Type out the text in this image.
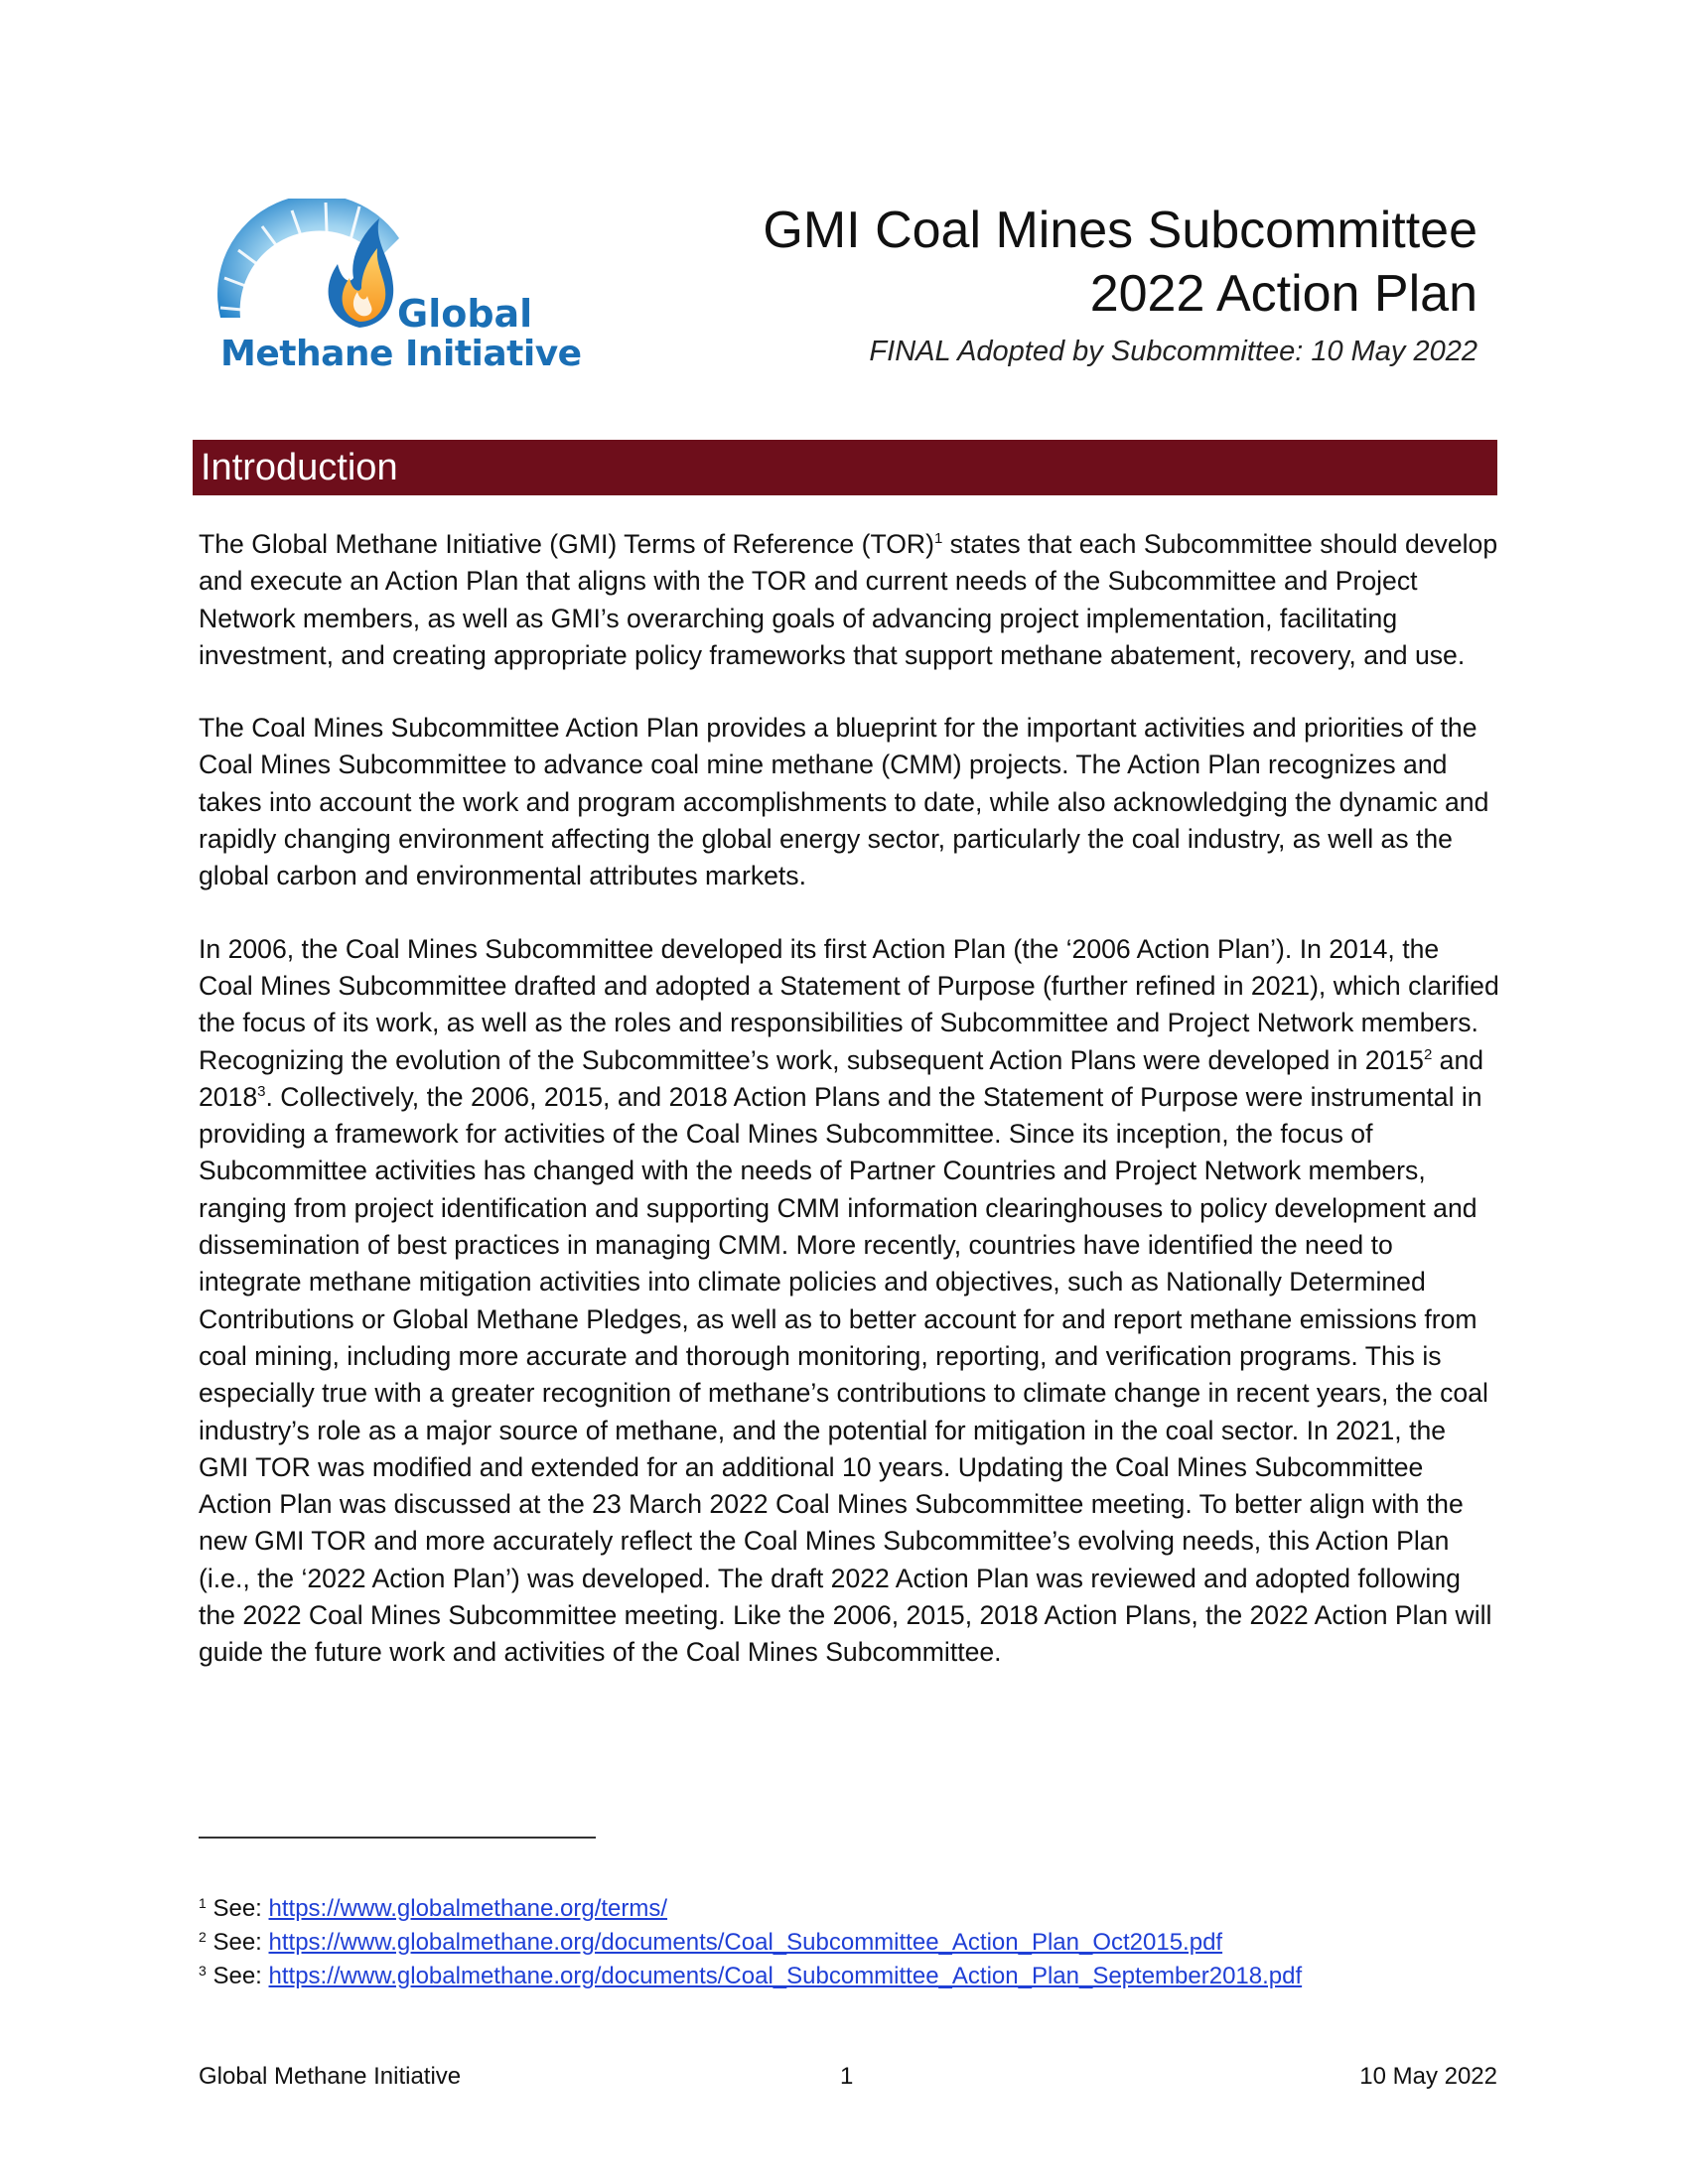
Global
Methane Initiative
GMI Coal Mines Subcommittee
2022 Action Plan
FINAL Adopted by Subcommittee: 10 May 2022
Introduction

The Global Methane Initiative (GMI) Terms of Reference (TOR)$^1$ states that each Subcommittee should develop and execute an Action Plan that aligns with the TOR and current needs of the Subcommittee and Project Network members, as well as GMI’s overarching goals of advancing project implementation, facilitating investment, and creating appropriate policy frameworks that support methane abatement, recovery, and use.

The Coal Mines Subcommittee Action Plan provides a blueprint for the important activities and priorities of the Coal Mines Subcommittee to advance coal mine methane (CMM) projects. The Action Plan recognizes and takes into account the work and program accomplishments to date, while also acknowledging the dynamic and rapidly changing environment affecting the global energy sector, particularly the coal industry, as well as the global carbon and environmental attributes markets.

In 2006, the Coal Mines Subcommittee developed its first Action Plan (the ‘2006 Action Plan’). In 2014, the Coal Mines Subcommittee drafted and adopted a Statement of Purpose (further refined in 2021), which clarified the focus of its work, as well as the roles and responsibilities of Subcommittee and Project Network members. Recognizing the evolution of the Subcommittee’s work, subsequent Action Plans were developed in 2015$^2$ and 2018$^3$. Collectively, the 2006, 2015, and 2018 Action Plans and the Statement of Purpose were instrumental in providing a framework for activities of the Coal Mines Subcommittee. Since its inception, the focus of Subcommittee activities has changed with the needs of Partner Countries and Project Network members, ranging from project identification and supporting CMM information clearinghouses to policy development and dissemination of best practices in managing CMM. More recently, countries have identified the need to integrate methane mitigation activities into climate policies and objectives, such as Nationally Determined Contributions or Global Methane Pledges, as well as to better account for and report methane emissions from coal mining, including more accurate and thorough monitoring, reporting, and verification programs. This is especially true with a greater recognition of methane’s contributions to climate change in recent years, the coal industry’s role as a major source of methane, and the potential for mitigation in the coal sector. In 2021, the GMI TOR was modified and extended for an additional 10 years. Updating the Coal Mines Subcommittee Action Plan was discussed at the 23 March 2022 Coal Mines Subcommittee meeting. To better align with the new GMI TOR and more accurately reflect the Coal Mines Subcommittee’s evolving needs, this Action Plan (i.e., the ‘2022 Action Plan’) was developed. The draft 2022 Action Plan was reviewed and adopted following the 2022 Coal Mines Subcommittee meeting. Like the 2006, 2015, 2018 Action Plans, the 2022 Action Plan will guide the future work and activities of the Coal Mines Subcommittee.

$^1$ See: https://www.globalmethane.org/terms/
$^2$ See: https://www.globalmethane.org/documents/Coal_Subcommittee_Action_Plan_Oct2015.pdf
$^3$ See: https://www.globalmethane.org/documents/Coal_Subcommittee_Action_Plan_September2018.pdf
Global Methane Initiative	1	10 May 2022
